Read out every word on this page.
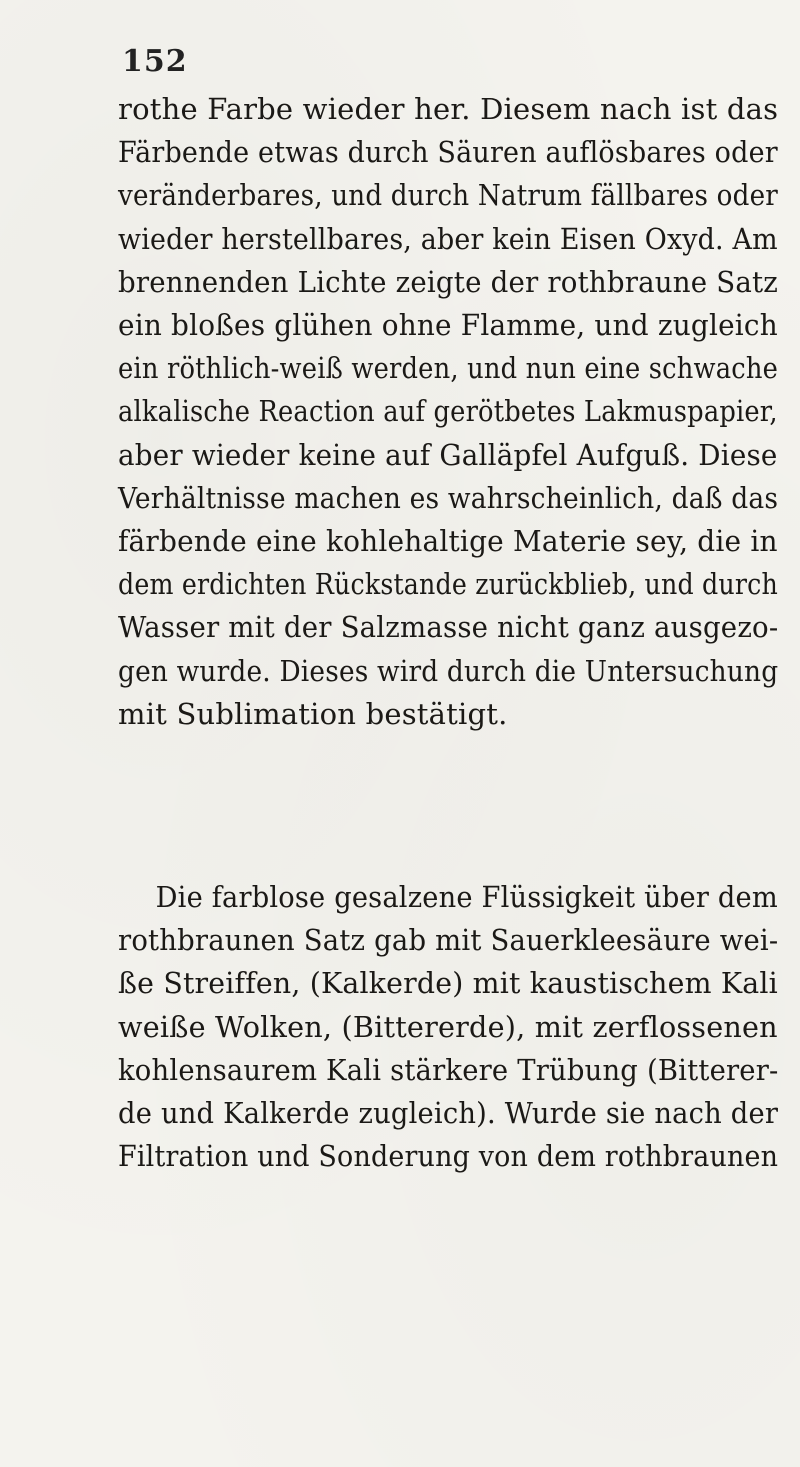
152

rothe Farbe wieder her. Diesem nach ist das
Färbende etwas durch Säuren auflösbares oder
veränderbares, und durch Natrum fällbares oder
wieder herstellbares, aber kein Eisen Oxyd. Am
brennenden Lichte zeigte der rothbraune Satz
ein bloßes glühen ohne Flamme, und zugleich
ein röthlich-weiß werden, und nun eine schwache
alkalische Reaction auf gerötbetes Lakmuspapier,
aber wieder keine auf Galläpfel Aufguß. Diese
Verhältnisse machen es wahrscheinlich, daß das
färbende eine kohlehaltige Materie sey, die in
dem erdichten Rückstande zurückblieb, und durch
Wasser mit der Salzmasse nicht ganz ausgezo-
gen wurde. Dieses wird durch die Untersuchung
mit Sublimation bestätigt.

Die farblose gesalzene Flüssigkeit über dem
rothbraunen Satz gab mit Sauerkleesäure wei-
ße Streiffen, (Kalkerde) mit kaustischem Kali
weiße Wolken, (Bittererde), mit zerflossenen
kohlensaurem Kali stärkere Trübung (Bitterer-
de und Kalkerde zugleich). Wurde sie nach der
Filtration und Sonderung von dem rothbraunen
